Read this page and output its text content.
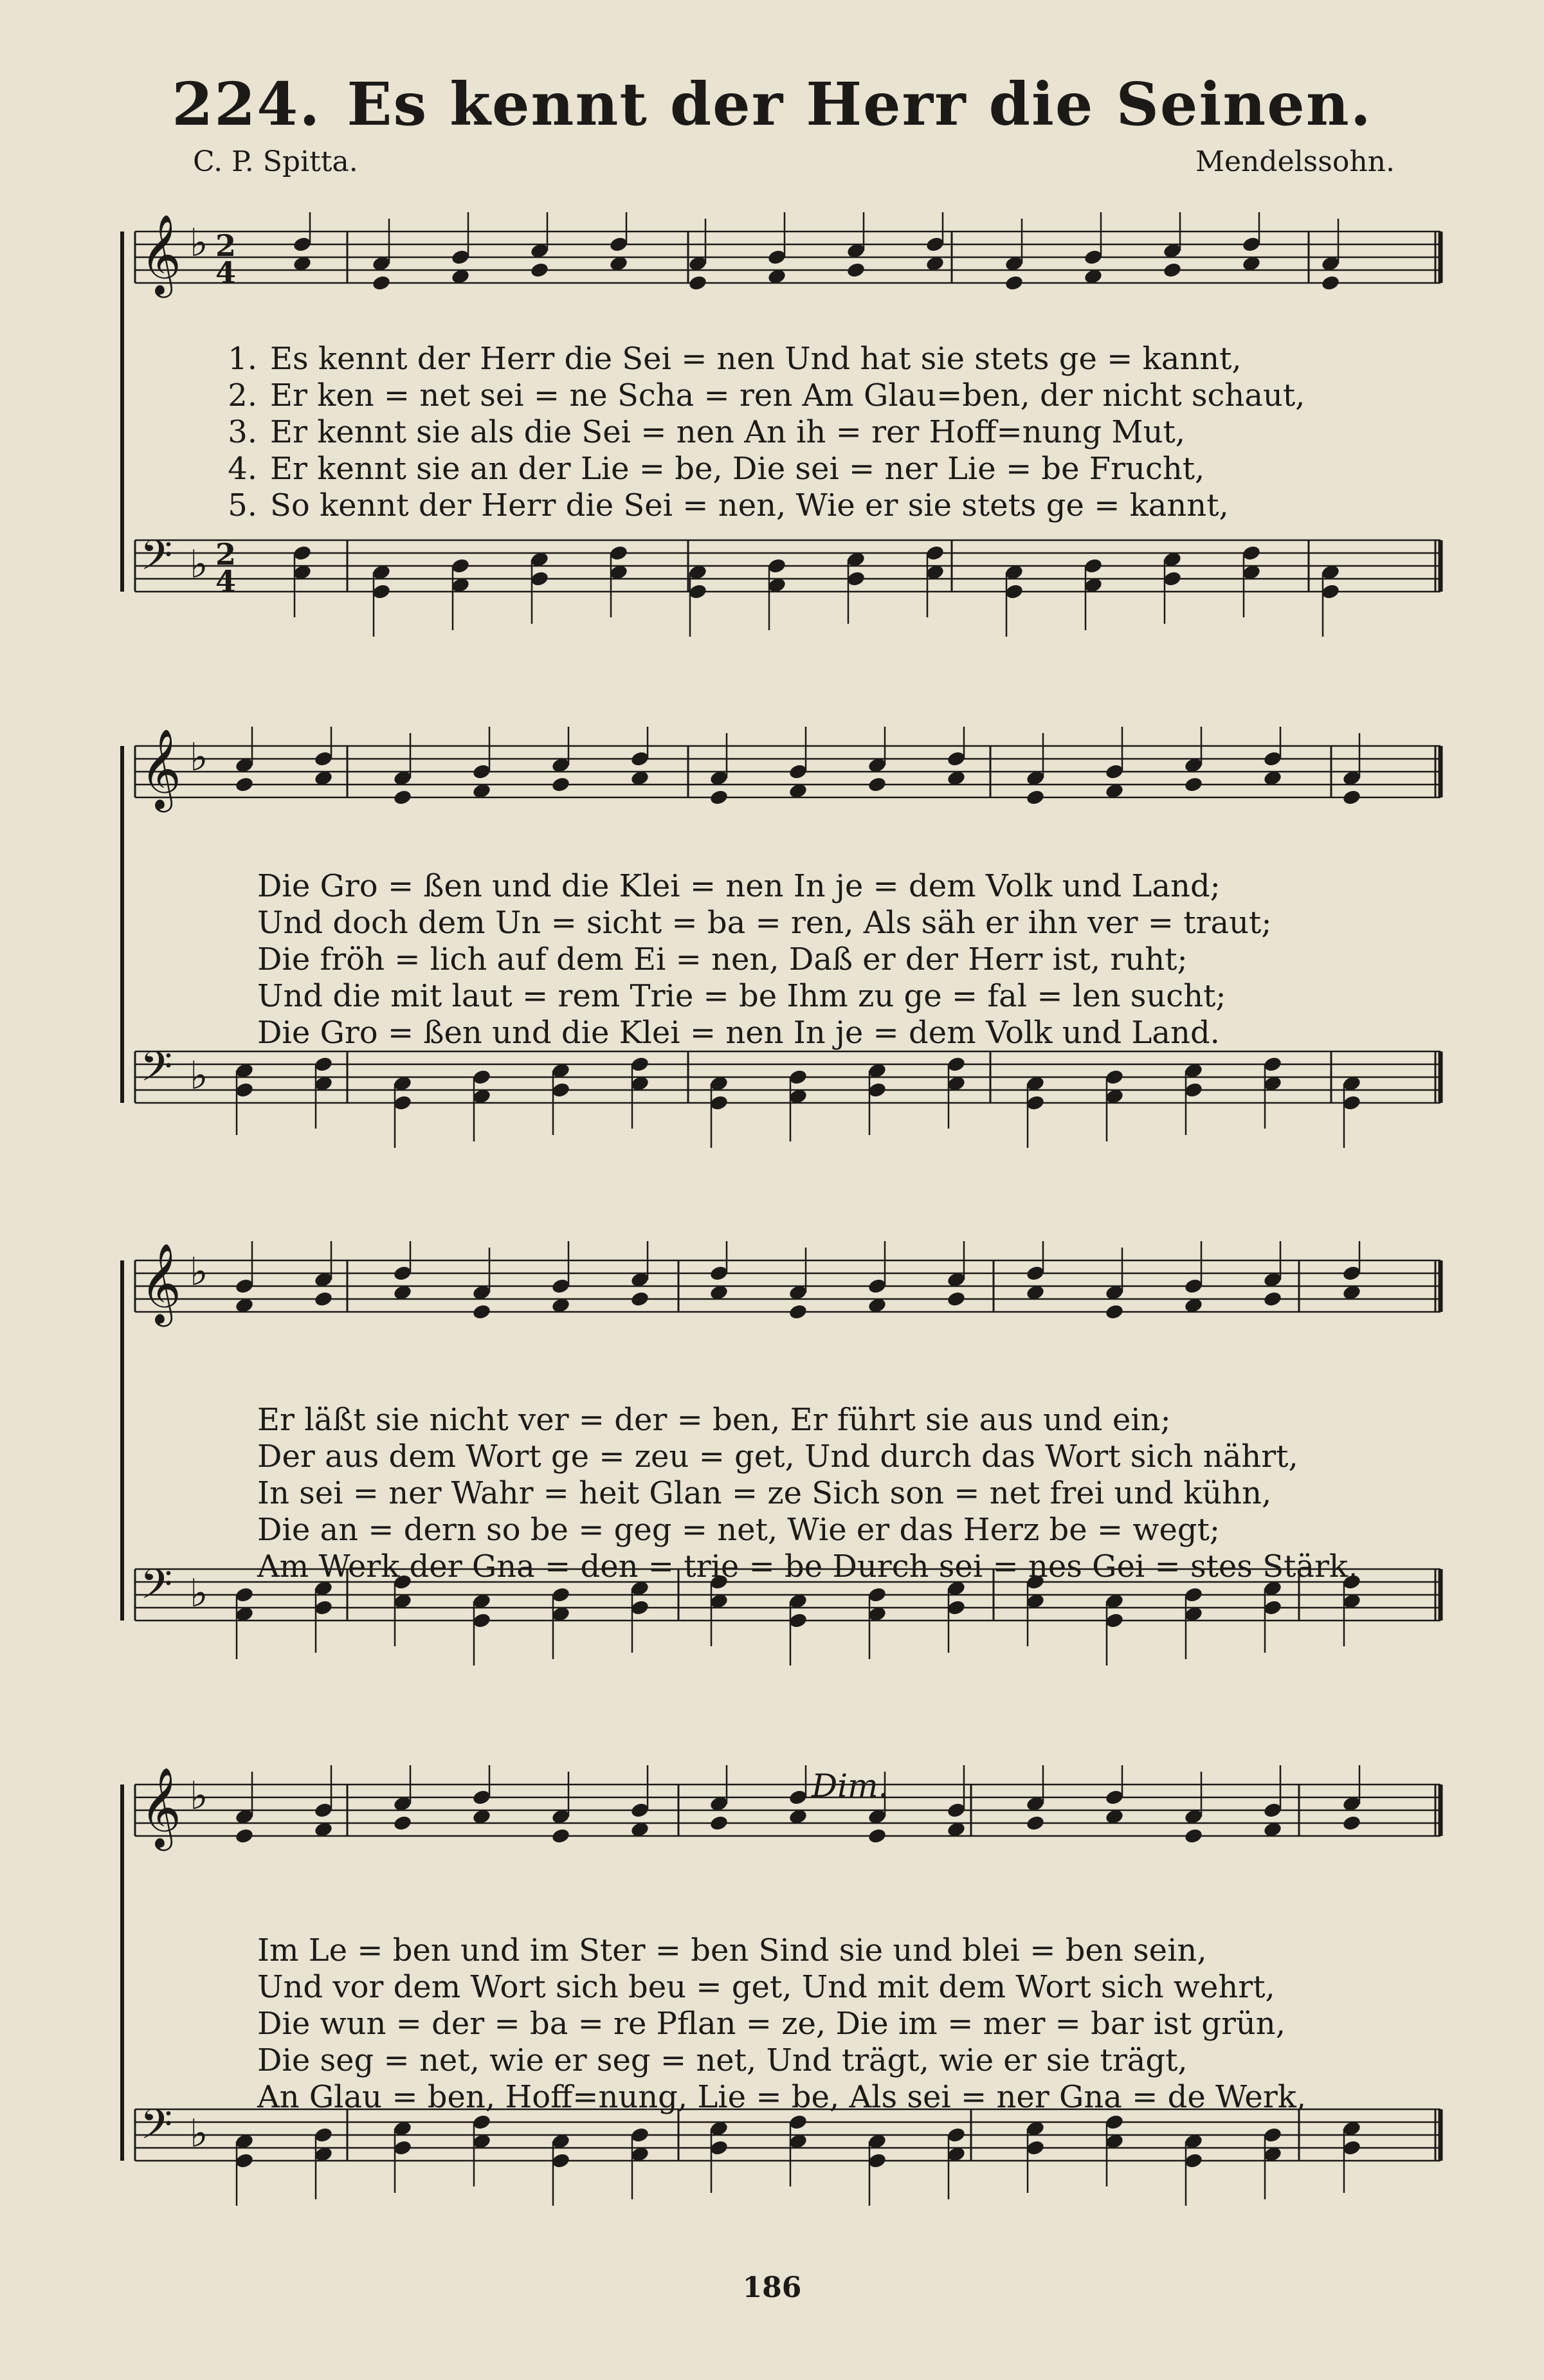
224. Es kennt der Herr die Seinen.
C. P. Spitta.	Mendelssohn.
𝄞 ♭ 2
4
𝄢 ♭ 2
4
𝄞 ♭
𝄢 ♭
𝄞 ♭
𝄢 ♭
𝄞 ♭
𝄢 ♭
1. Es kennt der Herr die Sei = nen Und hat sie stets ge = kannt,
2. Er ken = net sei = ne Scha = ren Am Glau=ben, der nicht schaut,
3. Er kennt sie als die Sei = nen An ih = rer Hoff=nung Mut,
4. Er kennt sie an der Lie = be, Die sei = ner Lie = be Frucht,
5. So kennt der Herr die Sei = nen, Wie er sie stets ge = kannt,
Die Gro = ßen und die Klei = nen In je = dem Volk und Land;
Und doch dem Un = sicht = ba = ren, Als säh er ihn ver = traut;
Die fröh = lich auf dem Ei = nen, Daß er der Herr ist, ruht;
Und die mit laut = rem Trie = be Ihm zu ge = fal = len sucht;
Die Gro = ßen und die Klei = nen In je = dem Volk und Land.
Er läßt sie nicht ver = der = ben, Er führt sie aus und ein;
Der aus dem Wort ge = zeu = get, Und durch das Wort sich nährt,
In sei = ner Wahr = heit Glan = ze Sich son = net frei und kühn,
Die an = dern so be = geg = net, Wie er das Herz be = wegt;
Am Werk der Gna = den = trie = be Durch sei = nes Gei = stes Stärk,
Dim.
Im Le = ben und im Ster = ben Sind sie und blei = ben sein,
Und vor dem Wort sich beu = get, Und mit dem Wort sich wehrt,
Die wun = der = ba = re Pflan = ze, Die im = mer = bar ist grün,
Die seg = net, wie er seg = net, Und trägt, wie er sie trägt,
An Glau = ben, Hoff=nung, Lie = be, Als sei = ner Gna = de Werk,
186
